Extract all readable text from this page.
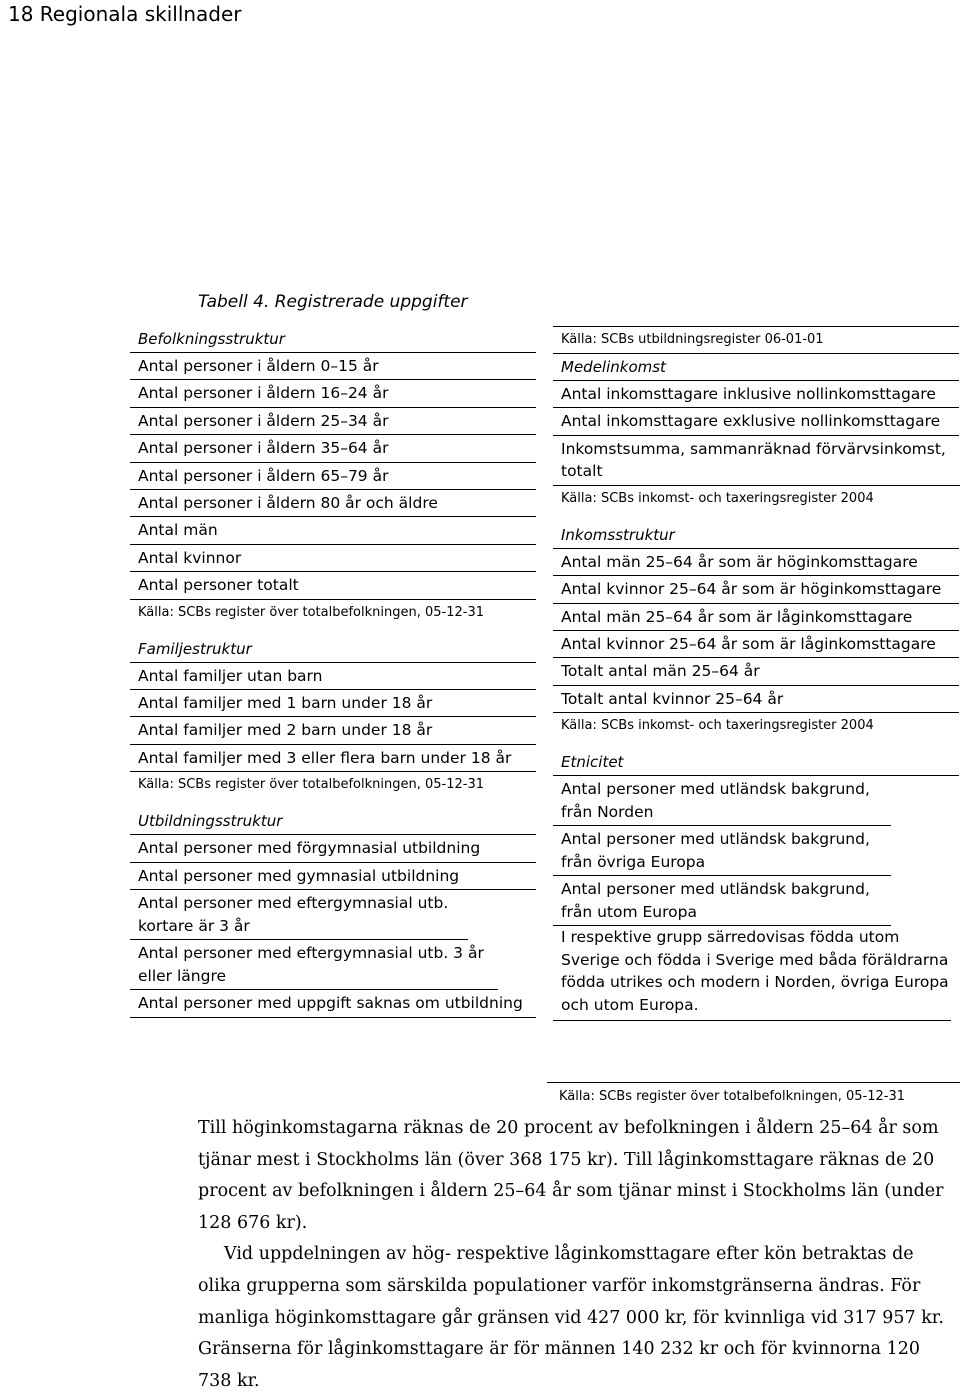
18 Regionala skillnader
Tabell 4. Registrerade uppgifter
Befolkningsstruktur
Antal personer i åldern 0–15 år
Antal personer i åldern 16–24 år
Antal personer i åldern 25–34 år
Antal personer i åldern 35–64 år
Antal personer i åldern 65–79 år
Antal personer i åldern 80 år och äldre
Antal män
Antal kvinnor
Antal personer totalt
Källa: SCBs register över totalbefolkningen, 05-12-31
Familjestruktur
Antal familjer utan barn
Antal familjer med 1 barn under 18 år
Antal familjer med 2 barn under 18 år
Antal familjer med 3 eller flera barn under 18 år
Källa: SCBs register över totalbefolkningen, 05-12-31
Utbildningsstruktur
Antal personer med förgymnasial utbildning
Antal personer med gymnasial utbildning
Antal personer med eftergymnasial utb. kortare är 3 år
Antal personer med eftergymnasial utb. 3 år eller längre
Antal personer med uppgift saknas om utbildning
Källa: SCBs utbildningsregister 06-01-01
Medelinkomst
Antal inkomsttagare inklusive nollinkomsttagare
Antal inkomsttagare exklusive nollinkomsttagare
Inkomstsumma, sammanräknad förvärvsinkomst, totalt
Källa: SCBs inkomst- och taxeringsregister 2004
Inkomsstruktur
Antal män 25–64 år som är höginkomsttagare
Antal kvinnor 25–64 år som är höginkomsttagare
Antal män 25–64 år som är låginkomsttagare
Antal kvinnor 25–64 år som är låginkomsttagare
Totalt antal män 25–64 år
Totalt antal kvinnor 25–64 år
Källa: SCBs inkomst- och taxeringsregister 2004
Etnicitet
Antal personer med utländsk bakgrund, från Norden
Antal personer med utländsk bakgrund, från övriga Europa
Antal personer med utländsk bakgrund, från utom Europa
I respektive grupp särredovisas födda utom Sverige och födda i Sverige med båda föräldrarna födda utrikes och modern i Norden, övriga Europa och utom Europa.
Källa: SCBs register över totalbefolkningen, 05-12-31

Till höginkomstagarna räknas de 20 procent av befolkningen i åldern 25–64 år som tjänar mest i Stockholms län (över 368 175 kr). Till låginkomsttagare räknas de 20 procent av befolkningen i åldern 25–64 år som tjänar minst i Stockholms län (under 128 676 kr).

Vid uppdelningen av hög- respektive låginkomsttagare efter kön betraktas de olika grupperna som särskilda populationer varför inkomstgränserna ändras. För manliga höginkomsttagare går gränsen vid 427 000 kr, för kvinnliga vid 317 957 kr. Gränserna för låginkomsttagare är för männen 140 232 kr och för kvinnorna 120 738 kr.
